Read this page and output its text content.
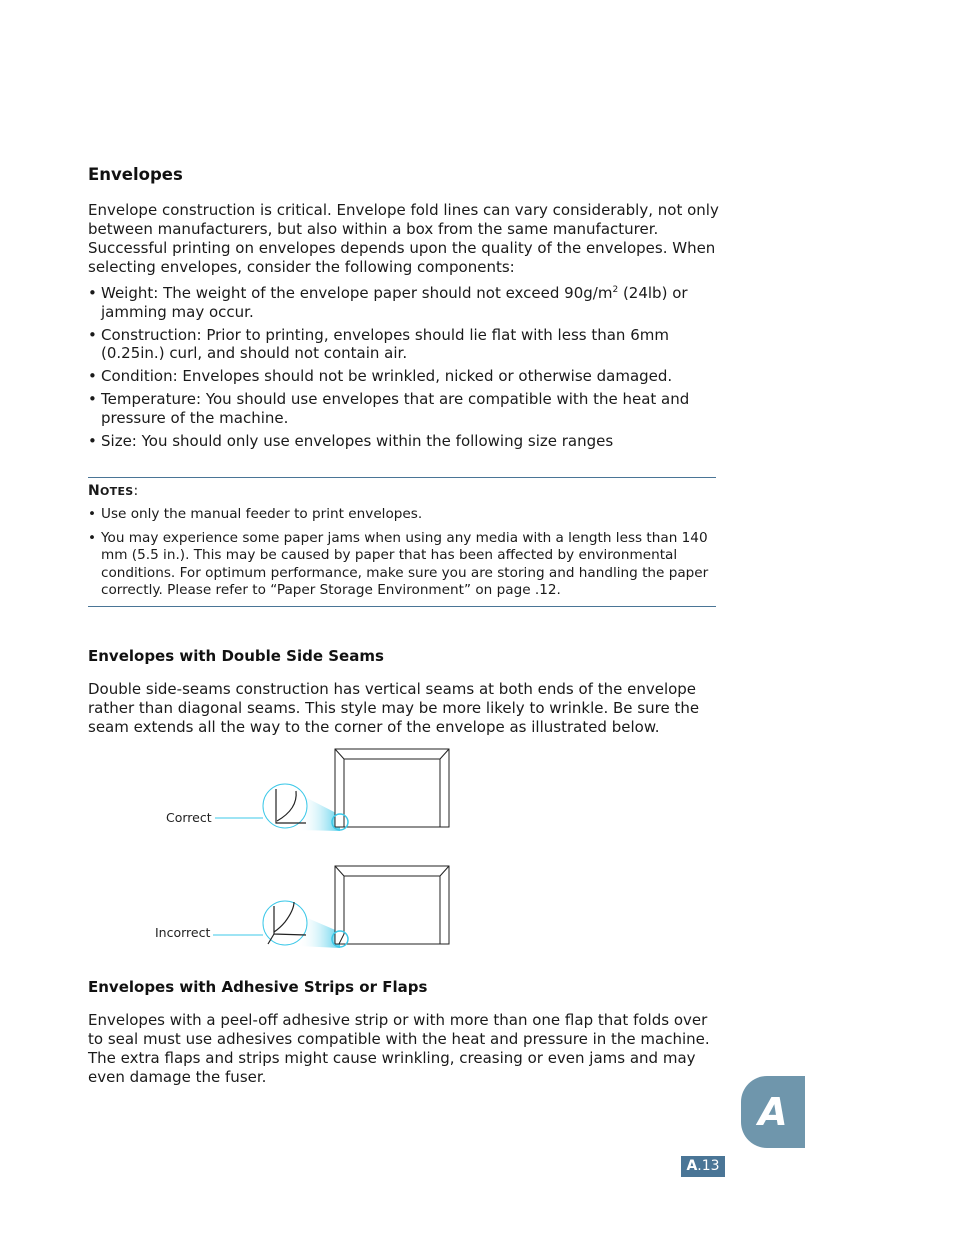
Envelopes

Envelope construction is critical. Envelope fold lines can vary considerably, not only between manufacturers, but also within a box from the same manufacturer. Successful printing on envelopes depends upon the quality of the envelopes. When selecting envelopes, consider the following components:

• Weight: The weight of the envelope paper should not exceed $90g/m^2$ (24lb) or jamming may occur.
• Construction: Prior to printing, envelopes should lie flat with less than 6mm (0.25in.) curl, and should not contain air.
• Condition: Envelopes should not be wrinkled, nicked or otherwise damaged.
• Temperature: You should use envelopes that are compatible with the heat and pressure of the machine.
• Size: You should only use envelopes within the following size ranges

NOTES:

• Use only the manual feeder to print envelopes.
• You may experience some paper jams when using any media with a length less than 140 mm (5.5 in.). This may be caused by paper that has been affected by environmental conditions. For optimum performance, make sure you are storing and handling the paper correctly. Please refer to “Paper Storage Environment” on page .12.
Envelopes with Double Side Seams

Double side-seams construction has vertical seams at both ends of the envelope rather than diagonal seams. This style may be more likely to wrinkle. Be sure the seam extends all the way to the corner of the envelope as illustrated below.

Correct
Incorrect
Envelopes with Adhesive Strips or Flaps

Envelopes with a peel-off adhesive strip or with more than one flap that folds over to seal must use adhesives compatible with the heat and pressure in the machine. The extra flaps and strips might cause wrinkling, creasing or even jams and may even damage the fuser.

A
A.13
